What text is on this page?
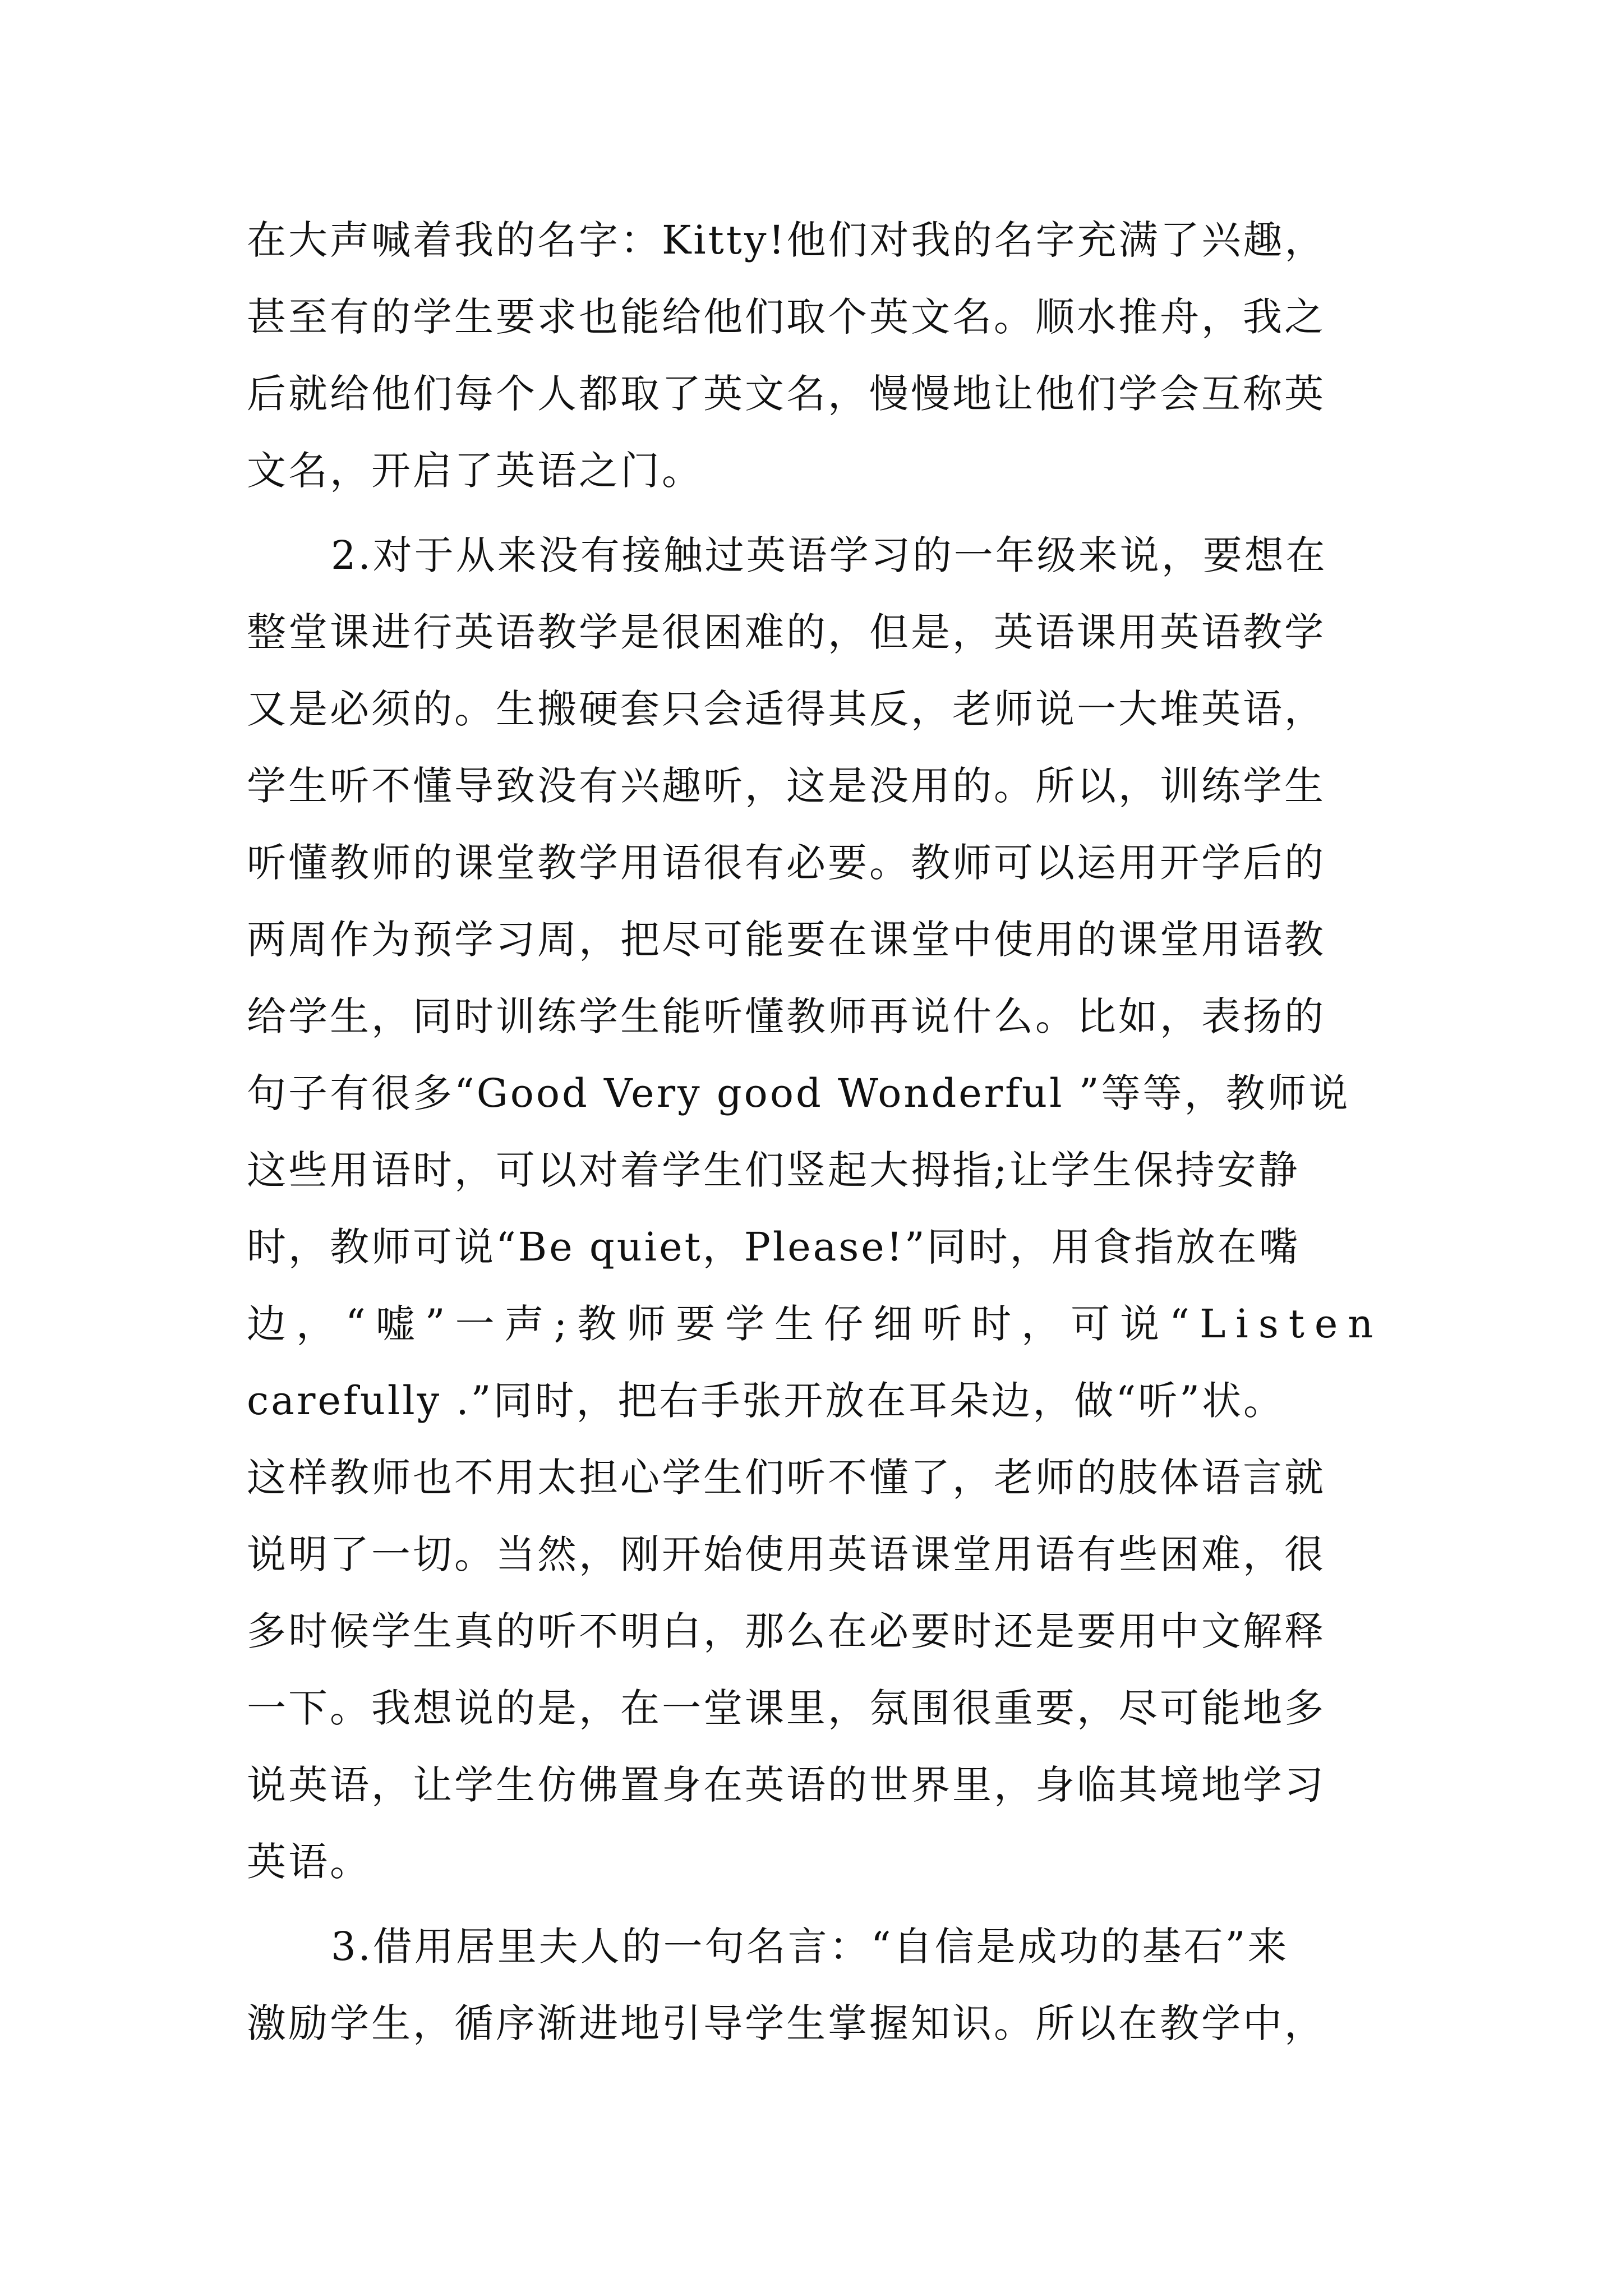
在大声喊着我的名字：Kitty!他们对我的名字充满了兴趣，
甚至有的学生要求也能给他们取个英文名。顺水推舟，我之
后就给他们每个人都取了英文名，慢慢地让他们学会互称英
文名，开启了英语之门。
2.对于从来没有接触过英语学习的一年级来说，要想在
整堂课进行英语教学是很困难的，但是，英语课用英语教学
又是必须的。生搬硬套只会适得其反，老师说一大堆英语，
学生听不懂导致没有兴趣听，这是没用的。所以，训练学生
听懂教师的课堂教学用语很有必要。教师可以运用开学后的
两周作为预学习周，把尽可能要在课堂中使用的课堂用语教
给学生，同时训练学生能听懂教师再说什么。比如，表扬的
句子有很多“Good Very good Wonderful ”等等，教师说
这些用语时，可以对着学生们竖起大拇指;让学生保持安静
时，教师可说“Be quiet，Please!”同时，用食指放在嘴
边，“嘘”一声;教师要学生仔细听时，可说“Listen
carefully .”同时，把右手张开放在耳朵边，做“听”状。
这样教师也不用太担心学生们听不懂了，老师的肢体语言就
说明了一切。当然，刚开始使用英语课堂用语有些困难，很
多时候学生真的听不明白，那么在必要时还是要用中文解释
一下。我想说的是，在一堂课里，氛围很重要，尽可能地多
说英语，让学生仿佛置身在英语的世界里，身临其境地学习
英语。
3.借用居里夫人的一句名言：“自信是成功的基石”来
激励学生，循序渐进地引导学生掌握知识。所以在教学中，
